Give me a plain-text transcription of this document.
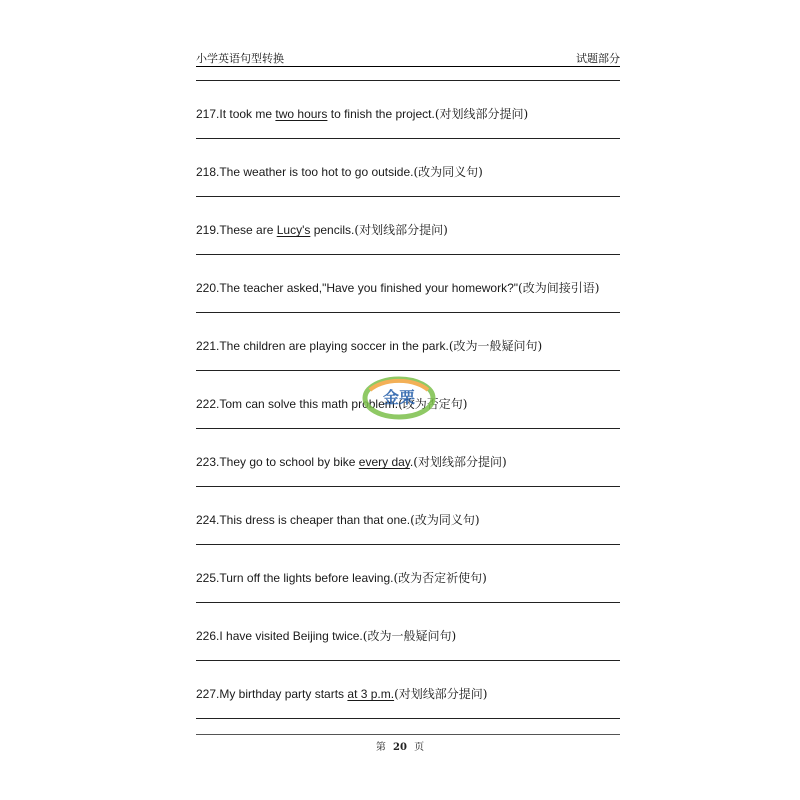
小学英语句型转换	试题部分
217.It took me two hours to finish the project.(对划线部分提问)
218.The weather is too hot to go outside.(改为同义句)
219.These are Lucy's pencils.(对划线部分提问)
220.The teacher asked,"Have you finished your homework?"(改为间接引语)
221.The children are playing soccer in the park.(改为一般疑问句)
222.Tom can solve this math problem.(改为否定句)
223.They go to school by bike every day.(对划线部分提问)
224.This dress is cheaper than that one.(改为同义句)
225.Turn off the lights before leaving.(改为否定祈使句)
226.I have visited Beijing twice.(改为一般疑问句)
227.My birthday party starts at 3 p.m.(对划线部分提问)
金栗
第 20 页
